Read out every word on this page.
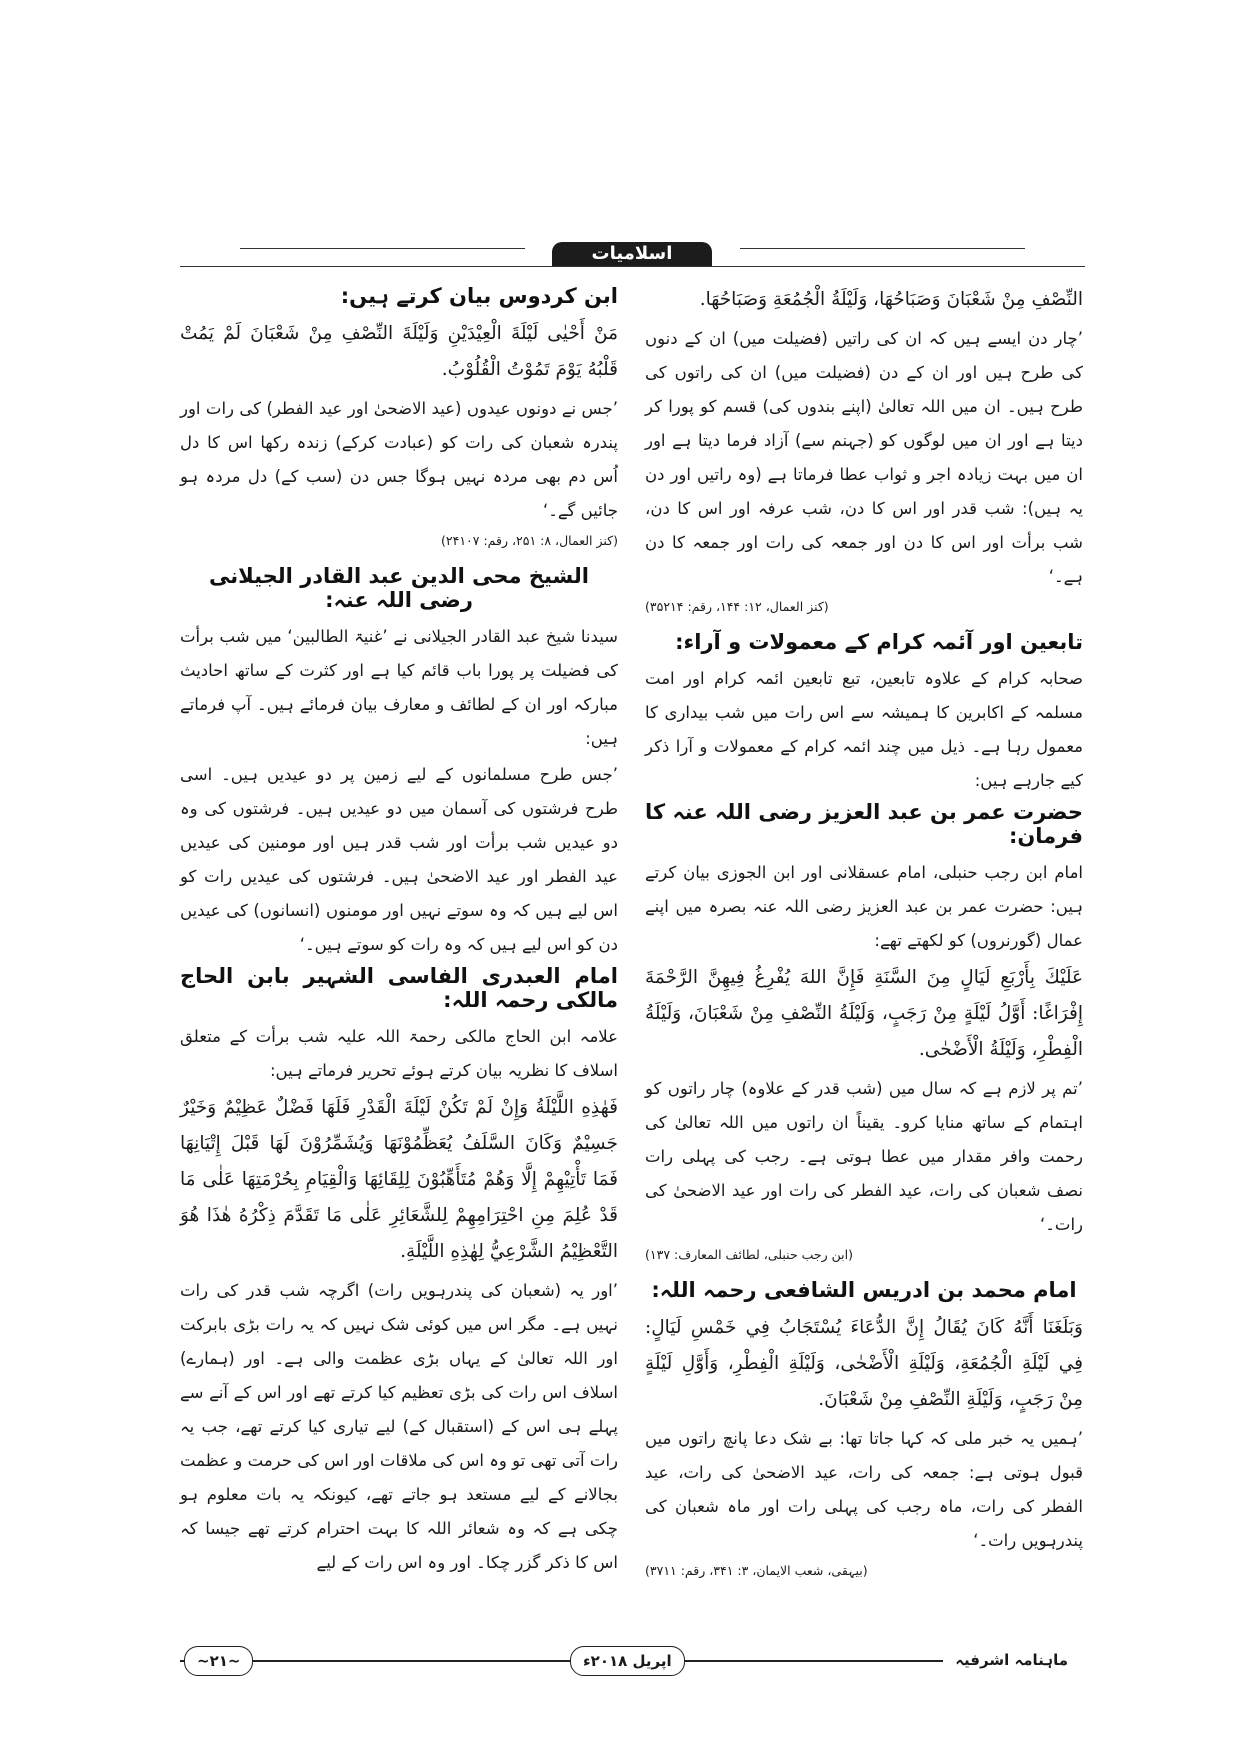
اسلامیات
النِّصْفِ مِنْ شَعْبَانَ وَصَبَاحُهَا، وَلَيْلَةُ الْجُمُعَةِ وَصَبَاحُهَا.
’چار دن ایسے ہیں کہ ان کی راتیں (فضیلت میں) ان کے دنوں کی طرح ہیں اور ان کے دن (فضیلت میں) ان کی راتوں کی طرح ہیں۔ ان میں اللہ تعالیٰ (اپنے بندوں کی) قسم کو پورا کر دیتا ہے اور ان میں لوگوں کو (جہنم سے) آزاد فرما دیتا ہے اور ان میں بہت زیادہ اجر و ثواب عطا فرماتا ہے (وہ راتیں اور دن یہ ہیں): شب قدر اور اس کا دن، شب عرفہ اور اس کا دن، شب برأت اور اس کا دن اور جمعہ کی رات اور جمعہ کا دن ہے۔‘
(کنز العمال، ۱۲: ۱۴۴، رقم: ۳۵۲۱۴)
تابعین اور آئمہ کرام کے معمولات و آراء:
صحابہ کرام کے علاوہ تابعین، تبع تابعین ائمہ کرام اور امت مسلمہ کے اکابرین کا ہمیشہ سے اس رات میں شب بیداری کا معمول رہا ہے۔ ذیل میں چند ائمہ کرام کے معمولات و آرا ذکر کیے جارہے ہیں:
حضرت عمر بن عبد العزیز رضی اللہ عنہ کا فرمان:
امام ابن رجب حنبلی، امام عسقلانی اور ابن الجوزی بیان کرتے ہیں: حضرت عمر بن عبد العزیز رضی اللہ عنہ بصرہ میں اپنے عمال (گورنروں) کو لکھتے تھے:
عَلَيْكَ بِأَرْبَعِ لَيَالٍ مِنَ السَّنَةِ فَإِنَّ اللهَ يُفْرِغُ فِيهِنَّ الرَّحْمَةَ إِفْرَاغًا: أَوَّلُ لَيْلَةٍ مِنْ رَجَبٍ، وَلَيْلَةُ النِّصْفِ مِنْ شَعْبَانَ، وَلَيْلَةُ الْفِطْرِ، وَلَيْلَةُ الْأَضْحٰى.
’تم پر لازم ہے کہ سال میں (شب قدر کے علاوہ) چار راتوں کو اہتمام کے ساتھ منایا کرو۔ یقیناً ان راتوں میں اللہ تعالیٰ کی رحمت وافر مقدار میں عطا ہوتی ہے۔ رجب کی پہلی رات نصف شعبان کی رات، عید الفطر کی رات اور عید الاضحیٰ کی رات۔‘
(ابن رجب حنبلی، لطائف المعارف: ۱۳۷)
امام محمد بن ادریس الشافعی رحمہ اللہ:
وَبَلَغَنَا أَنَّهُ كَانَ يُقَالُ إِنَّ الدُّعَاءَ يُسْتَجَابُ فِي خَمْسِ لَيَالٍ: فِي لَيْلَةِ الْجُمُعَةِ، وَلَيْلَةِ الْأَضْحٰى، وَلَيْلَةِ الْفِطْرِ، وَأَوَّلِ لَيْلَةٍ مِنْ رَجَبٍ، وَلَيْلَةِ النِّصْفِ مِنْ شَعْبَانَ.
’ہمیں یہ خبر ملی کہ کہا جاتا تھا: بے شک دعا پانچ راتوں میں قبول ہوتی ہے: جمعہ کی رات، عید الاضحیٰ کی رات، عید الفطر کی رات، ماہ رجب کی پہلی رات اور ماہ شعبان کی پندرہویں رات۔‘
(بیہقی، شعب الایمان، ۳: ۳۴۱، رقم: ۳۷۱۱)
ابن کردوس بیان کرتے ہیں:
مَنْ أَحْيٰى لَيْلَةَ الْعِيْدَيْنِ وَلَيْلَةَ النِّصْفِ مِنْ شَعْبَانَ لَمْ يَمُتْ قَلْبُهُ يَوْمَ تَمُوْتُ الْقُلُوْبُ.
’جس نے دونوں عیدوں (عید الاضحیٰ اور عید الفطر) کی رات اور پندرہ شعبان کی رات کو (عبادت کرکے) زندہ رکھا اس کا دل اُس دم بھی مردہ نہیں ہوگا جس دن (سب کے) دل مردہ ہو جائیں گے۔‘
(کنز العمال، ۸: ۲۵۱، رقم: ۲۴۱۰۷)
الشیخ محی الدین عبد القادر الجیلانی رضی اللہ عنہ:
سیدنا شیخ عبد القادر الجیلانی نے ’غنیۃ الطالبین‘ میں شب برأت کی فضیلت پر پورا باب قائم کیا ہے اور کثرت کے ساتھ احادیث مبارکہ اور ان کے لطائف و معارف بیان فرمائے ہیں۔ آپ فرماتے ہیں:
’جس طرح مسلمانوں کے لیے زمین پر دو عیدیں ہیں۔ اسی طرح فرشتوں کی آسمان میں دو عیدیں ہیں۔ فرشتوں کی وہ دو عیدیں شب برأت اور شب قدر ہیں اور مومنین کی عیدیں عید الفطر اور عید الاضحیٰ ہیں۔ فرشتوں کی عیدیں رات کو اس لیے ہیں کہ وہ سوتے نہیں اور مومنوں (انسانوں) کی عیدیں دن کو اس لیے ہیں کہ وہ رات کو سوتے ہیں۔‘
امام العبدری الفاسی الشہیر بابن الحاج مالکی رحمہ اللہ:
علامہ ابن الحاج مالکی رحمۃ اللہ علیہ شب برأت کے متعلق اسلاف کا نظریہ بیان کرتے ہوئے تحریر فرماتے ہیں:
فَهٰذِهِ اللَّيْلَةُ وَإِنْ لَمْ تَكُنْ لَيْلَةَ الْقَدْرِ فَلَهَا فَضْلٌ عَظِيْمٌ وَخَيْرٌ جَسِيْمٌ وَكَانَ السَّلَفُ يُعَظِّمُوْنَهَا وَيُشَمِّرُوْنَ لَهَا قَبْلَ إِتْيَانِهَا فَمَا تَأْتِيْهِمْ إِلَّا وَهُمْ مُتَأَهِّبُوْنَ لِلِقَائِهَا وَالْقِيَامِ بِحُرْمَتِهَا عَلٰى مَا قَدْ عُلِمَ مِنِ احْتِرَامِهِمْ لِلشَّعَائِرِ عَلٰى مَا تَقَدَّمَ ذِكْرُهُ هٰذَا هُوَ التَّعْظِيْمُ الشَّرْعِيُّ لِهٰذِهِ اللَّيْلَةِ.
’اور یہ (شعبان کی پندرہویں رات) اگرچہ شب قدر کی رات نہیں ہے۔ مگر اس میں کوئی شک نہیں کہ یہ رات بڑی بابرکت اور اللہ تعالیٰ کے یہاں بڑی عظمت والی ہے۔ اور (ہمارے) اسلاف اس رات کی بڑی تعظیم کیا کرتے تھے اور اس کے آنے سے پہلے ہی اس کے (استقبال کے) لیے تیاری کیا کرتے تھے، جب یہ رات آتی تھی تو وہ اس کی ملاقات اور اس کی حرمت و عظمت بجالانے کے لیے مستعد ہو جاتے تھے، کیونکہ یہ بات معلوم ہو چکی ہے کہ وہ شعائر اللہ کا بہت احترام کرتے تھے جیسا کہ اس کا ذکر گزر چکا۔ اور وہ اس رات کے لیے
ماہنامہ اشرفیہ
اپریل ۲۰۱۸ء
~۲۱~
